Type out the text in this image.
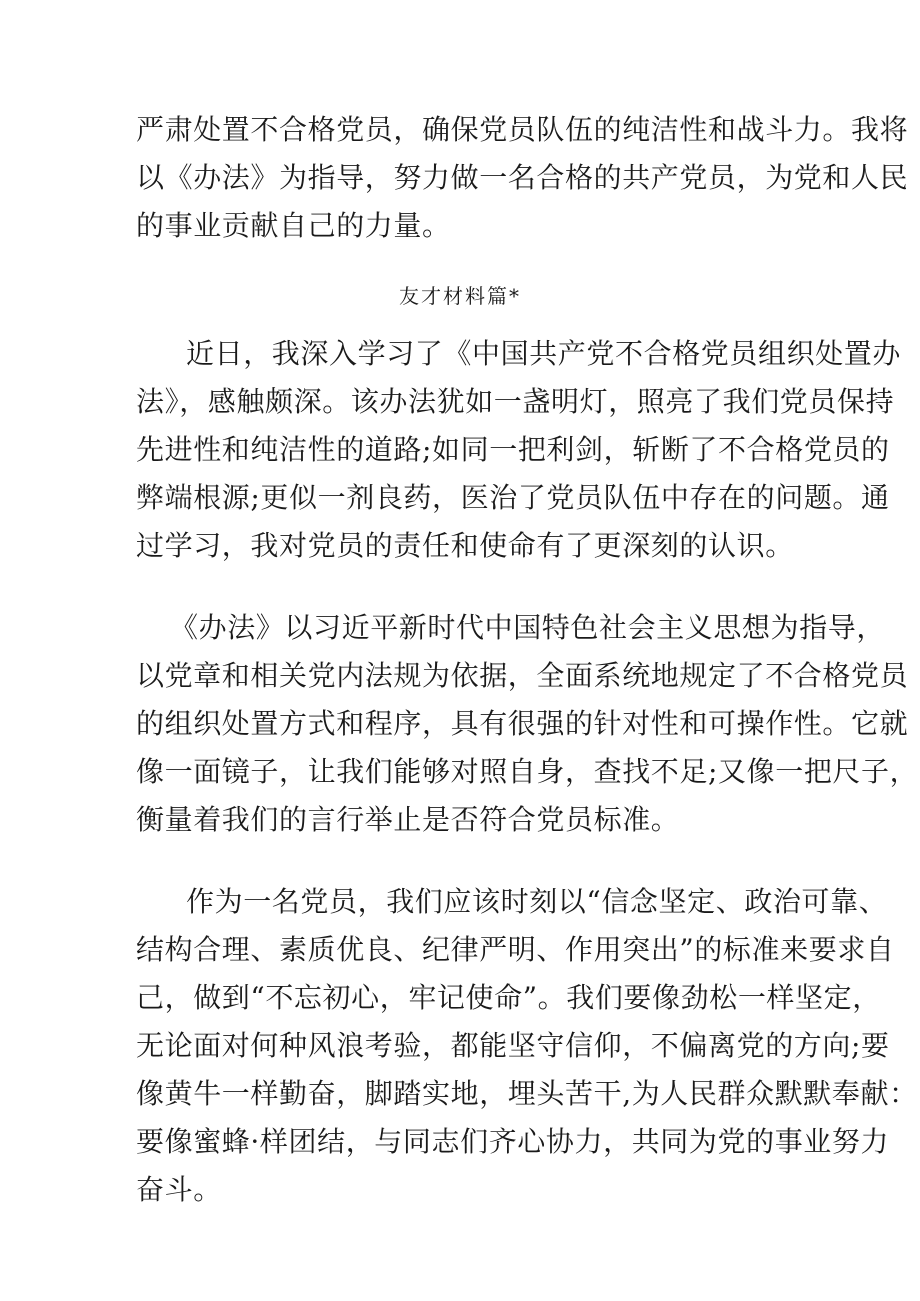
严肃处置不合格党员，确保党员队伍的纯洁性和战斗力。我将
以《办法》为指导，努力做一名合格的共产党员，为党和人民
的事业贡献自己的力量。
友才材料篇*
近日，我深入学习了《中国共产党不合格党员组织处置办
法》，感触颇深。该办法犹如一盏明灯，照亮了我们党员保持
先进性和纯洁性的道路;如同一把利剑，斩断了不合格党员的
弊端根源;更似一剂良药，医治了党员队伍中存在的问题。通
过学习，我对党员的责任和使命有了更深刻的认识。
《办法》以习近平新时代中国特色社会主义思想为指导，
以党章和相关党内法规为依据，全面系统地规定了不合格党员
的组织处置方式和程序，具有很强的针对性和可操作性。它就
像一面镜子，让我们能够对照自身，查找不足;又像一把尺子，
衡量着我们的言行举止是否符合党员标准。
作为一名党员，我们应该时刻以“信念坚定、政治可靠、
结构合理、素质优良、纪律严明、作用突出”的标准来要求自
己，做到“不忘初心，牢记使命”。我们要像劲松一样坚定，
无论面对何种风浪考验，都能坚守信仰，不偏离党的方向;要
像黄牛一样勤奋，脚踏实地，埋头苦干,为人民群众默默奉献：
要像蜜蜂·样团结，与同志们齐心协力，共同为党的事业努力
奋斗。
